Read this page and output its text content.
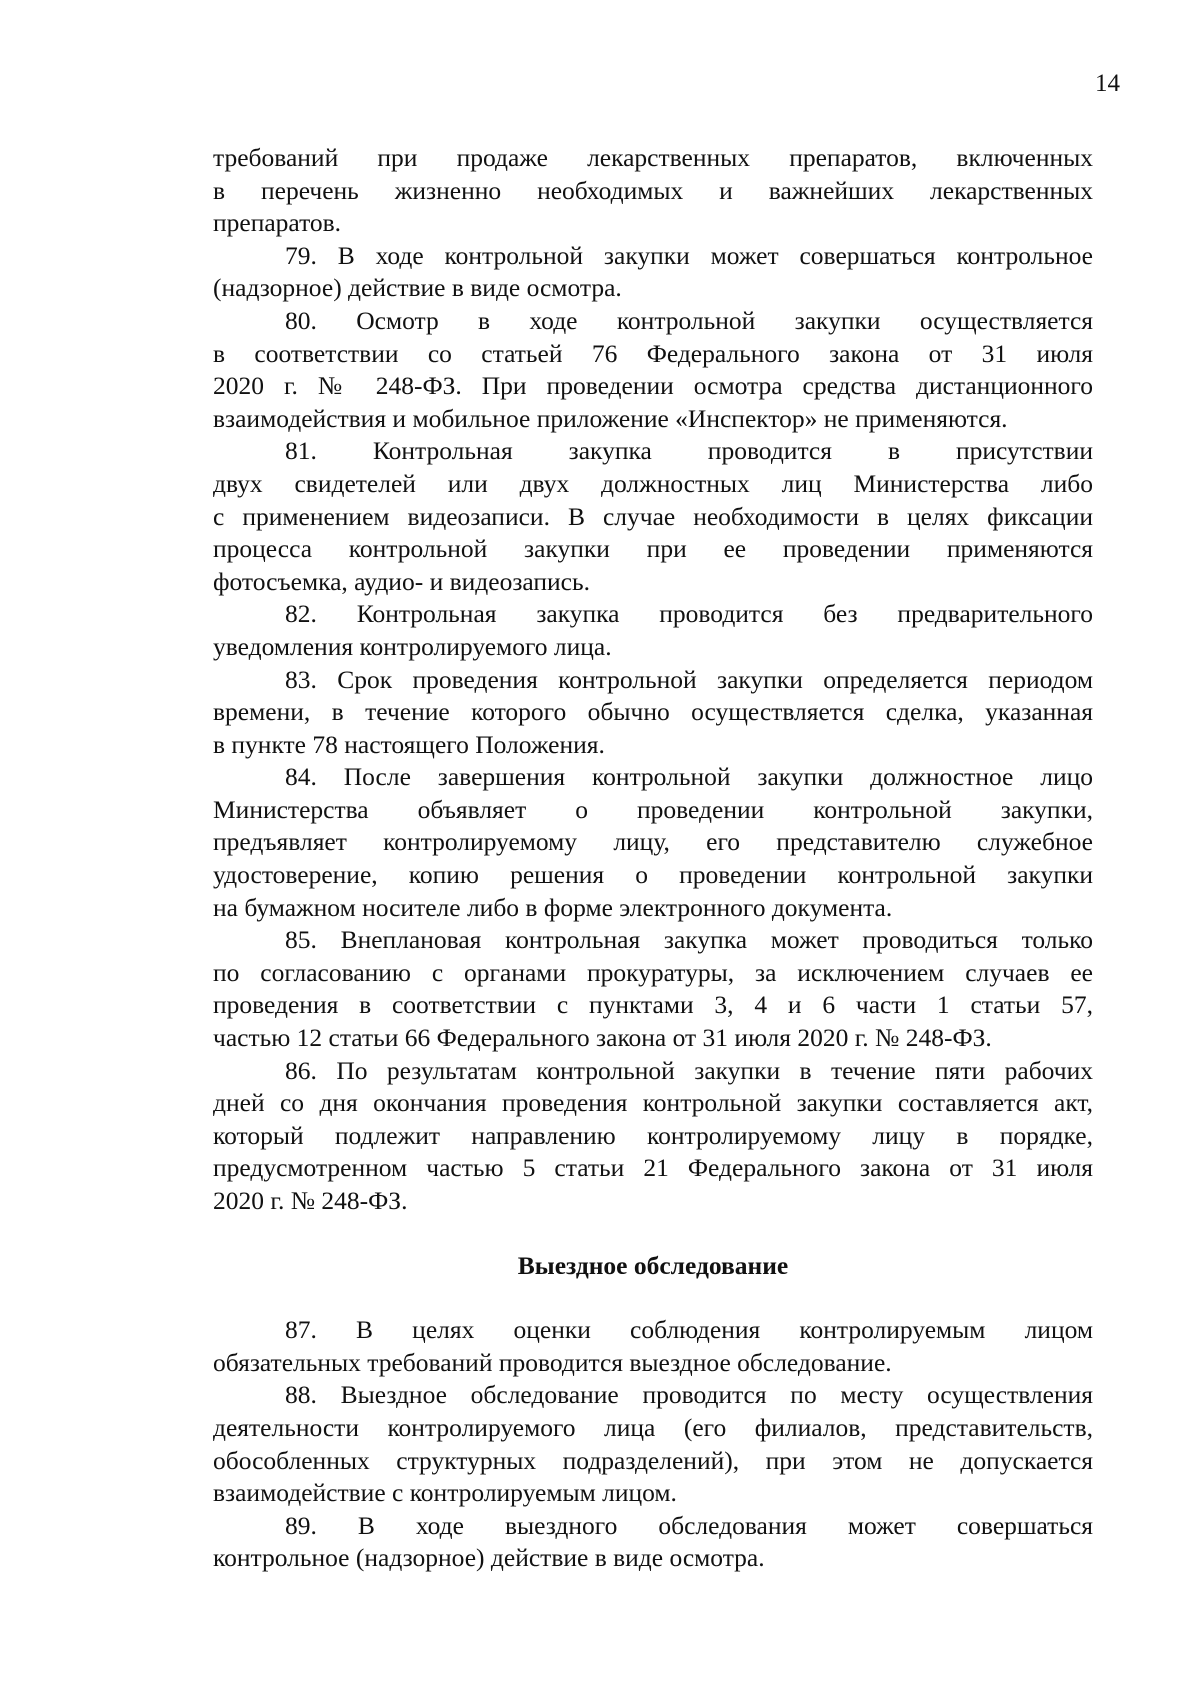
14
требований при продаже лекарственных препаратов, включенных
в перечень жизненно необходимых и важнейших лекарственных
препаратов.
79. В ходе контрольной закупки может совершаться контрольное
(надзорное) действие в виде осмотра.
80. Осмотр в ходе контрольной закупки осуществляется
в соответствии со статьей 76 Федерального закона от 31 июля
2020 г. № 248-ФЗ. При проведении осмотра средства дистанционного
взаимодействия и мобильное приложение «Инспектор» не применяются.
81. Контрольная закупка проводится в присутствии
двух свидетелей или двух должностных лиц Министерства либо
с применением видеозаписи. В случае необходимости в целях фиксации
процесса контрольной закупки при ее проведении применяются
фотосъемка, аудио- и видеозапись.
82. Контрольная закупка проводится без предварительного
уведомления контролируемого лица.
83. Срок проведения контрольной закупки определяется периодом
времени, в течение которого обычно осуществляется сделка, указанная
в пункте 78 настоящего Положения.
84. После завершения контрольной закупки должностное лицо
Министерства объявляет о проведении контрольной закупки,
предъявляет контролируемому лицу, его представителю служебное
удостоверение, копию решения о проведении контрольной закупки
на бумажном носителе либо в форме электронного документа.
85. Внеплановая контрольная закупка может проводиться только
по согласованию с органами прокуратуры, за исключением случаев ее
проведения в соответствии с пунктами 3, 4 и 6 части 1 статьи 57,
частью 12 статьи 66 Федерального закона от 31 июля 2020 г. № 248-ФЗ.
86. По результатам контрольной закупки в течение пяти рабочих
дней со дня окончания проведения контрольной закупки составляется акт,
который подлежит направлению контролируемому лицу в порядке,
предусмотренном частью 5 статьи 21 Федерального закона от 31 июля
2020 г. № 248-ФЗ.
Выездное обследование
87. В целях оценки соблюдения контролируемым лицом
обязательных требований проводится выездное обследование.
88. Выездное обследование проводится по месту осуществления
деятельности контролируемого лица (его филиалов, представительств,
обособленных структурных подразделений), при этом не допускается
взаимодействие с контролируемым лицом.
89. В ходе выездного обследования может совершаться
контрольное (надзорное) действие в виде осмотра.
